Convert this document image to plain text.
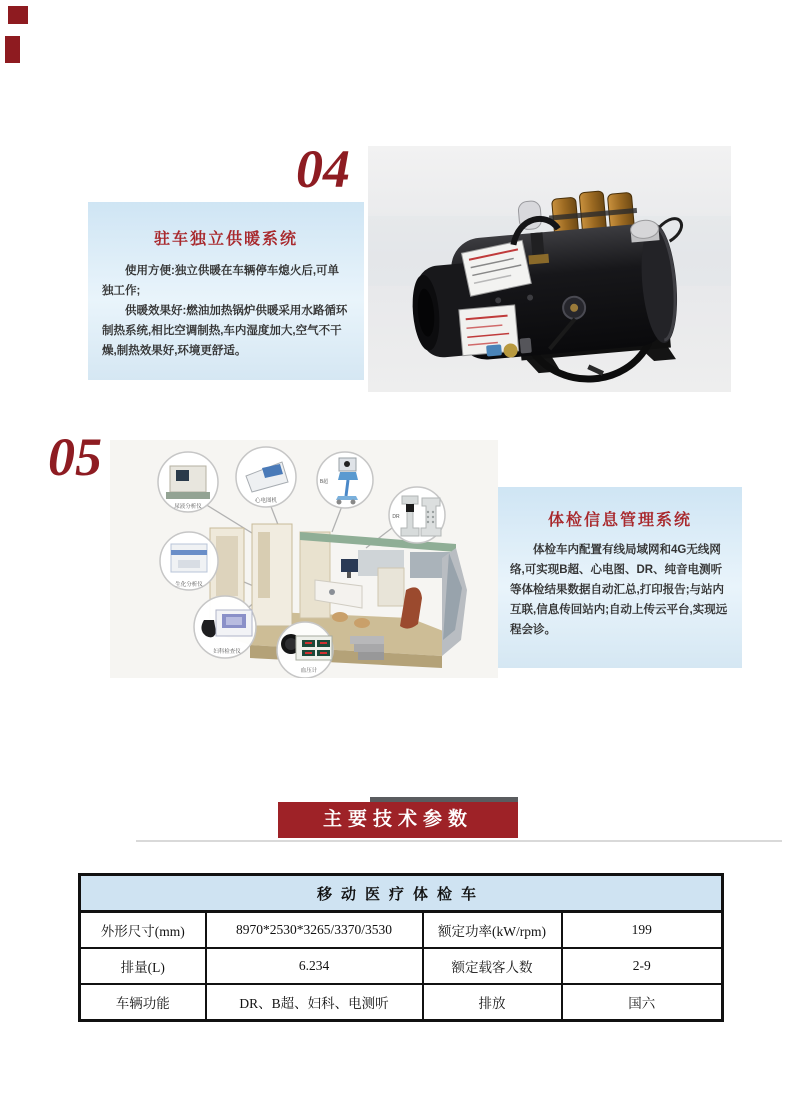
04
驻车独立供暖系统

使用方便:独立供暖在车辆停车熄火后,可单独工作;

供暖效果好:燃油加热锅炉供暖采用水路循环制热系统,相比空调制热,车内湿度加大,空气不干燥,制热效果好,环境更舒适。

05
尿液分析仪
心电图机
B超
DR
生化分析仪
妇科检查仪
血压计
体检信息管理系统

体检车内配置有线局域网和4G无线网络,可实现B超、心电图、DR、纯音电测听等体检结果数据自动汇总,打印报告;与站内互联,信息传回站内;自动上传云平台,实现远程会诊。

主要技术参数
移动医疗体检车			
外形尺寸(mm)	8970*2530*3265/3370/3530	额定功率(kW/rpm)	199
排量(L)	6.234	额定载客人数	2-9
车辆功能	DR、B超、妇科、电测听	排放	国六
